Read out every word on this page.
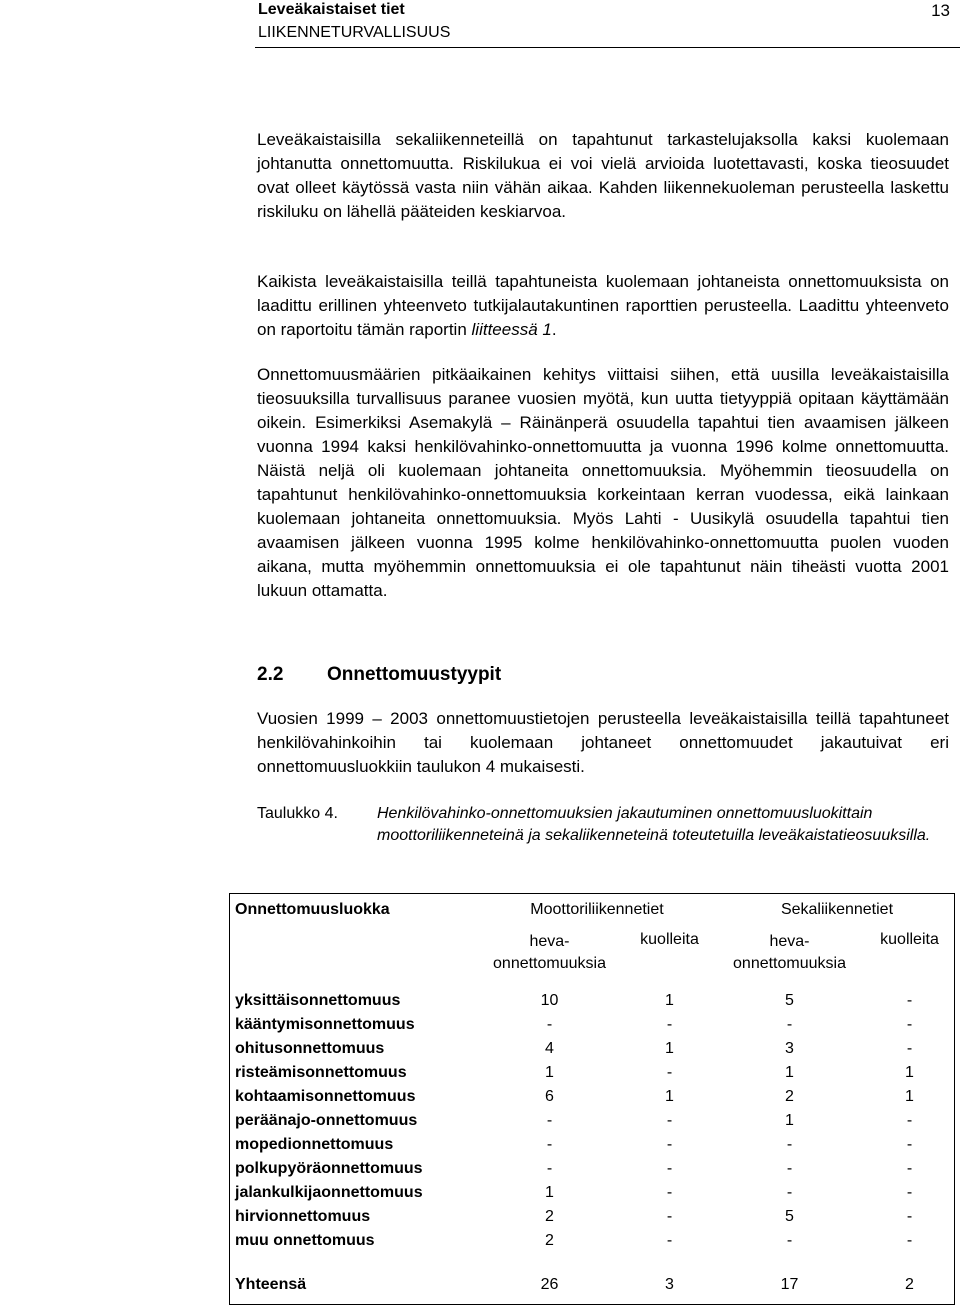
Leveäkaistaiset tiet
LIIKENNETURVALLISUUS
13

Leveäkaistaisilla sekaliikenneteillä on tapahtunut tarkastelujaksolla kaksi kuolemaan johtanutta onnettomuutta. Riskilukua ei voi vielä arvioida luotettavasti, koska tieosuudet ovat olleet käytössä vasta niin vähän aikaa. Kahden liikennekuoleman perusteella laskettu riskiluku on lähellä pääteiden keskiarvoa.

Kaikista leveäkaistaisilla teillä tapahtuneista kuolemaan johtaneista onnettomuuksista on laadittu erillinen yhteenveto tutkijalautakuntinen raporttien perusteella. Laadittu yhteenveto on raportoitu tämän raportin liitteessä 1.

Onnettomuusmäärien pitkäaikainen kehitys viittaisi siihen, että uusilla leveäkaistaisilla tieosuuksilla turvallisuus paranee vuosien myötä, kun uutta tietyyppiä opitaan käyttämään oikein. Esimerkiksi Asemakylä – Räinänperä osuudella tapahtui tien avaamisen jälkeen vuonna 1994 kaksi henkilövahinko-onnettomuutta ja vuonna 1996 kolme onnettomuutta. Näistä neljä oli kuolemaan johtaneita onnettomuuksia. Myöhemmin tieosuudella on tapahtunut henkilövahinko-onnettomuuksia korkeintaan kerran vuodessa, eikä lainkaan kuolemaan johtaneita onnettomuuksia. Myös Lahti - Uusikylä osuudella tapahtui tien avaamisen jälkeen vuonna 1995 kolme henkilövahinko-onnettomuutta puolen vuoden aikana, mutta myöhemmin onnettomuuksia ei ole tapahtunut näin tiheästi vuotta 2001 lukuun ottamatta.

2.2 Onnettomuustyypit

Vuosien 1999 – 2003 onnettomuustietojen perusteella leveäkaistaisilla teillä tapahtuneet henkilövahinkoihin tai kuolemaan johtaneet onnettomuudet jakautuivat eri onnettomuusluokkiin taulukon 4 mukaisesti.

Taulukko 4. Henkilövahinko-onnettomuuksien jakautuminen onnettomuusluokittain moottoriliikenneteinä ja sekaliikenneteinä toteutetuilla leveäkaistatieosuuksilla.
Onnettomuusluokka	Moottoriliikennetiet		Sekaliikennetiet	
	heva-onnettomuuksia	kuolleita	heva-onnettomuuksia	kuolleita

yksittäisonnettomuus	10	1	5	-
kääntymisonnettomuus	-	-	-	-
ohitusonnettomuus	4	1	3	-
risteämisonnettomuus	1	-	1	1
kohtaamisonnettomuus	6	1	2	1
peräänajo-onnettomuus	-	-	1	-
mopedionnettomuus	-	-	-	-
polkupyöräonnettomuus	-	-	-	-
jalankulkijaonnettomuus	1	-	-	-
hirvionnettomuus	2	-	5	-
muu onnettomuus	2	-	-	-

Yhteensä	26	3	17	2
